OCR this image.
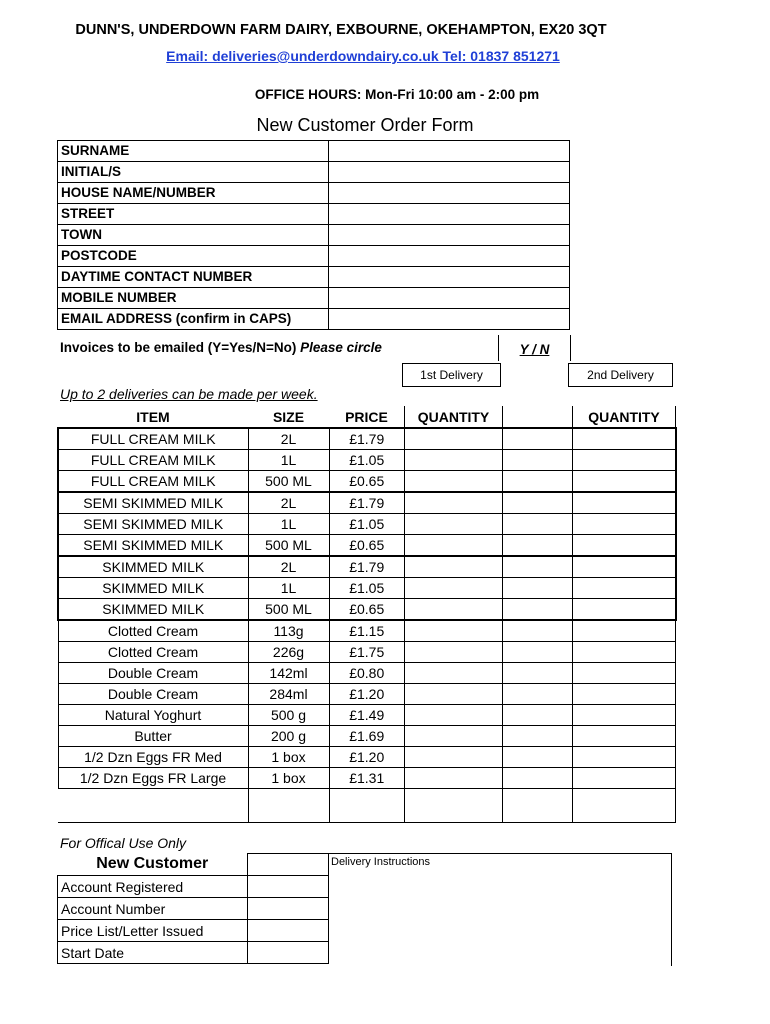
DUNN'S, UNDERDOWN FARM DAIRY, EXBOURNE, OKEHAMPTON, EX20 3QT
Email: deliveries@underdowndairy.co.uk Tel: 01837 851271
OFFICE HOURS: Mon-Fri 10:00 am - 2:00 pm
New Customer Order Form
SURNAME	
INITIAL/S	
HOUSE NAME/NUMBER	
STREET	
TOWN	
POSTCODE	
DAYTIME CONTACT NUMBER	
MOBILE NUMBER	
EMAIL ADDRESS (confirm in CAPS)	
Invoices to be emailed (Y=Yes/N=No) Please circle	Y / N
1st Delivery	2nd Delivery
Up to 2 deliveries can be made per week.
ITEM	SIZE	PRICE	QUANTITY		QUANTITY
FULL CREAM MILK	2L	£1.79			
FULL CREAM MILK	1L	£1.05			
FULL CREAM MILK	500 ML	£0.65			
SEMI SKIMMED MILK	2L	£1.79			
SEMI SKIMMED MILK	1L	£1.05			
SEMI SKIMMED MILK	500 ML	£0.65			
SKIMMED MILK	2L	£1.79			
SKIMMED MILK	1L	£1.05			
SKIMMED MILK	500 ML	£0.65			
Clotted Cream	113g	£1.15			
Clotted Cream	226g	£1.75			
Double Cream	142ml	£0.80			
Double Cream	284ml	£1.20			
Natural Yoghurt	500 g	£1.49			
Butter	200 g	£1.69			
1/2 Dzn Eggs FR Med	1 box	£1.20			
1/2 Dzn Eggs FR Large	1 box	£1.31			

For Offical Use Only
New Customer	
Account Registered	
Account Number	
Price List/Letter Issued	
Start Date	
Delivery Instructions
